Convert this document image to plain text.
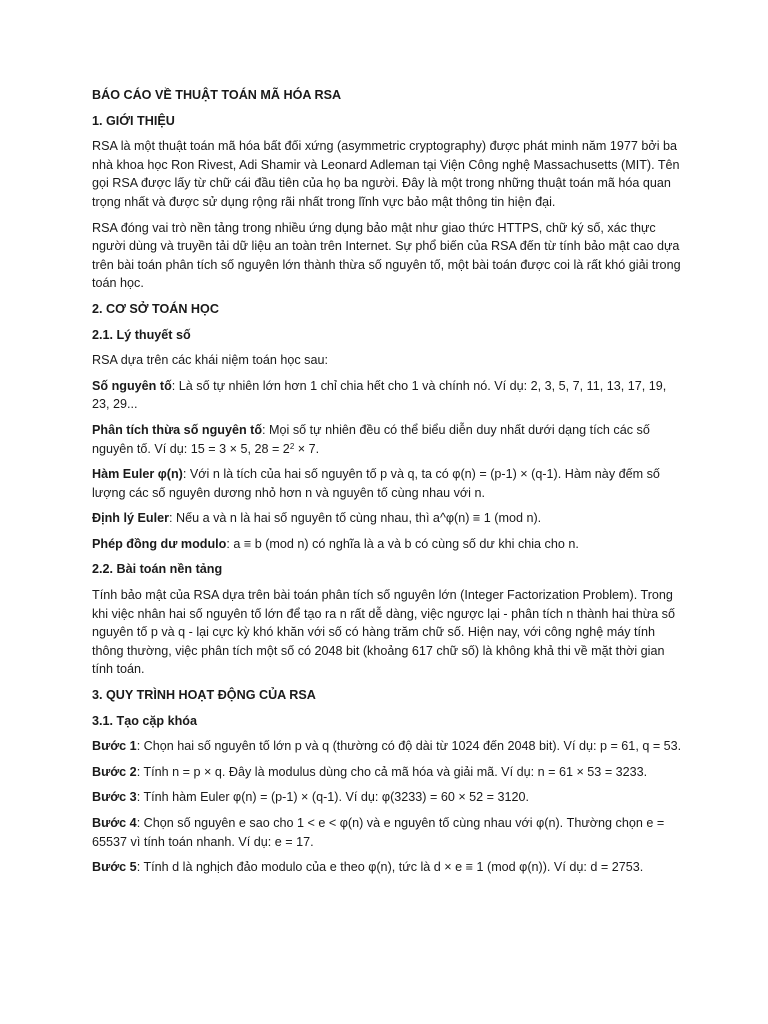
BÁO CÁO VỀ THUẬT TOÁN MÃ HÓA RSA

1. GIỚI THIỆU

RSA là một thuật toán mã hóa bất đối xứng (asymmetric cryptography) được phát minh năm 1977 bởi ba nhà khoa học Ron Rivest, Adi Shamir và Leonard Adleman tại Viện Công nghệ Massachusetts (MIT). Tên gọi RSA được lấy từ chữ cái đầu tiên của họ ba người. Đây là một trong những thuật toán mã hóa quan trọng nhất và được sử dụng rộng rãi nhất trong lĩnh vực bảo mật thông tin hiện đại.

RSA đóng vai trò nền tảng trong nhiều ứng dụng bảo mật như giao thức HTTPS, chữ ký số, xác thực người dùng và truyền tải dữ liệu an toàn trên Internet. Sự phổ biến của RSA đến từ tính bảo mật cao dựa trên bài toán phân tích số nguyên lớn thành thừa số nguyên tố, một bài toán được coi là rất khó giải trong toán học.

2. CƠ SỞ TOÁN HỌC

2.1. Lý thuyết số

RSA dựa trên các khái niệm toán học sau:

Số nguyên tố: Là số tự nhiên lớn hơn 1 chỉ chia hết cho 1 và chính nó. Ví dụ: 2, 3, 5, 7, 11, 13, 17, 19, 23, 29...

Phân tích thừa số nguyên tố: Mọi số tự nhiên đều có thể biểu diễn duy nhất dưới dạng tích các số nguyên tố. Ví dụ: 15 = 3 × 5, $28 = 2^2 \times 7$.

Hàm Euler φ(n): Với n là tích của hai số nguyên tố p và q, ta có φ(n) = (p-1) × (q-1). Hàm này đếm số lượng các số nguyên dương nhỏ hơn n và nguyên tố cùng nhau với n.

Định lý Euler: Nếu a và n là hai số nguyên tố cùng nhau, thì a^φ(n) ≡ 1 (mod n).

Phép đồng dư modulo: a ≡ b (mod n) có nghĩa là a và b có cùng số dư khi chia cho n.

2.2. Bài toán nền tảng

Tính bảo mật của RSA dựa trên bài toán phân tích số nguyên lớn (Integer Factorization Problem). Trong khi việc nhân hai số nguyên tố lớn để tạo ra n rất dễ dàng, việc ngược lại - phân tích n thành hai thừa số nguyên tố p và q - lại cực kỳ khó khăn với số có hàng trăm chữ số. Hiện nay, với công nghệ máy tính thông thường, việc phân tích một số có 2048 bit (khoảng 617 chữ số) là không khả thi về mặt thời gian tính toán.

3. QUY TRÌNH HOẠT ĐỘNG CỦA RSA

3.1. Tạo cặp khóa

Bước 1: Chọn hai số nguyên tố lớn p và q (thường có độ dài từ 1024 đến 2048 bit). Ví dụ: p = 61, q = 53.

Bước 2: Tính n = p × q. Đây là modulus dùng cho cả mã hóa và giải mã. Ví dụ: n = 61 × 53 = 3233.

Bước 3: Tính hàm Euler φ(n) = (p-1) × (q-1). Ví dụ: φ(3233) = 60 × 52 = 3120.

Bước 4: Chọn số nguyên e sao cho 1 < e < φ(n) và e nguyên tố cùng nhau với φ(n). Thường chọn e = 65537 vì tính toán nhanh. Ví dụ: e = 17.

Bước 5: Tính d là nghịch đảo modulo của e theo φ(n), tức là d × e ≡ 1 (mod φ(n)). Ví dụ: d = 2753.
